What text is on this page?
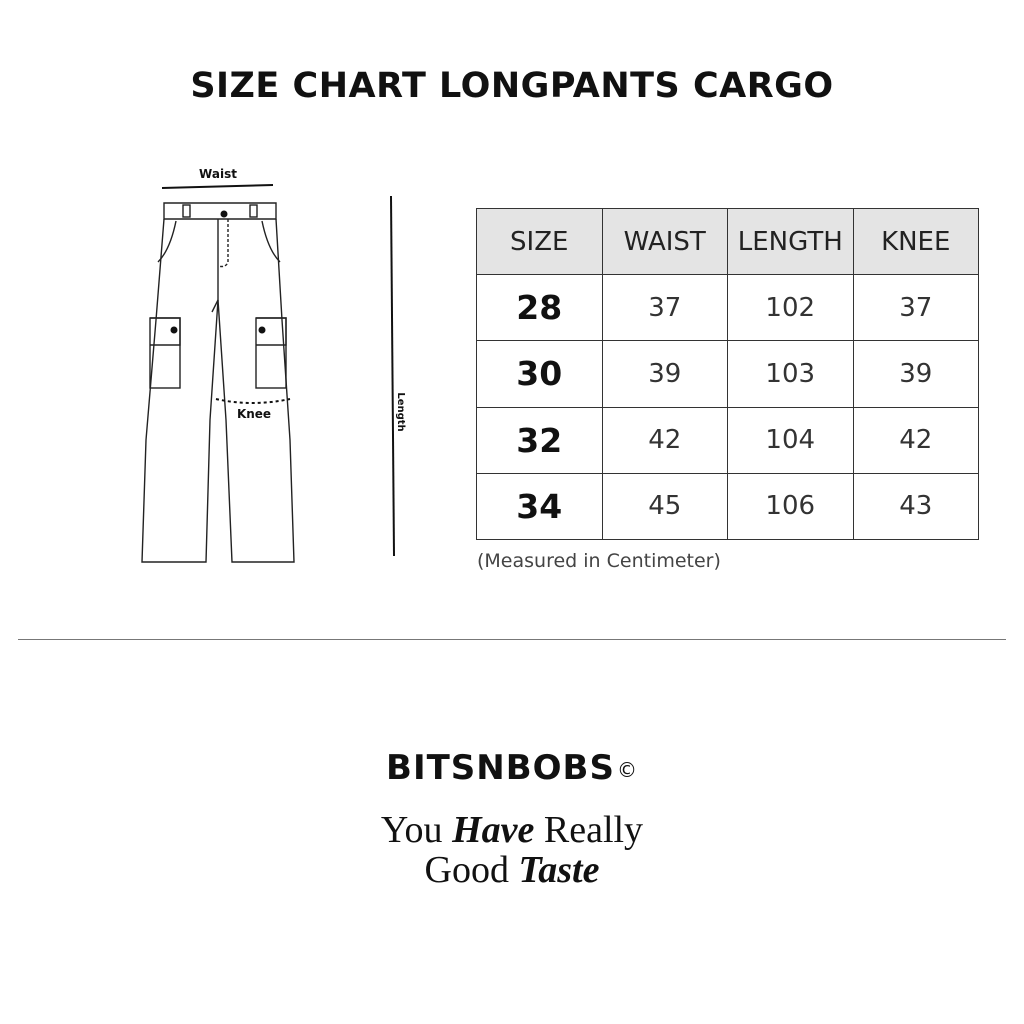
SIZE CHART LONGPANTS CARGO
Waist
Knee	Length
SIZE	WAIST	LENGTH	KNEE
28	37	102	37
30	39	103	39
32	42	104	42
34	45	106	43
(Measured in Centimeter)
BITSNBOBS ©
You Have Really
Good Taste
